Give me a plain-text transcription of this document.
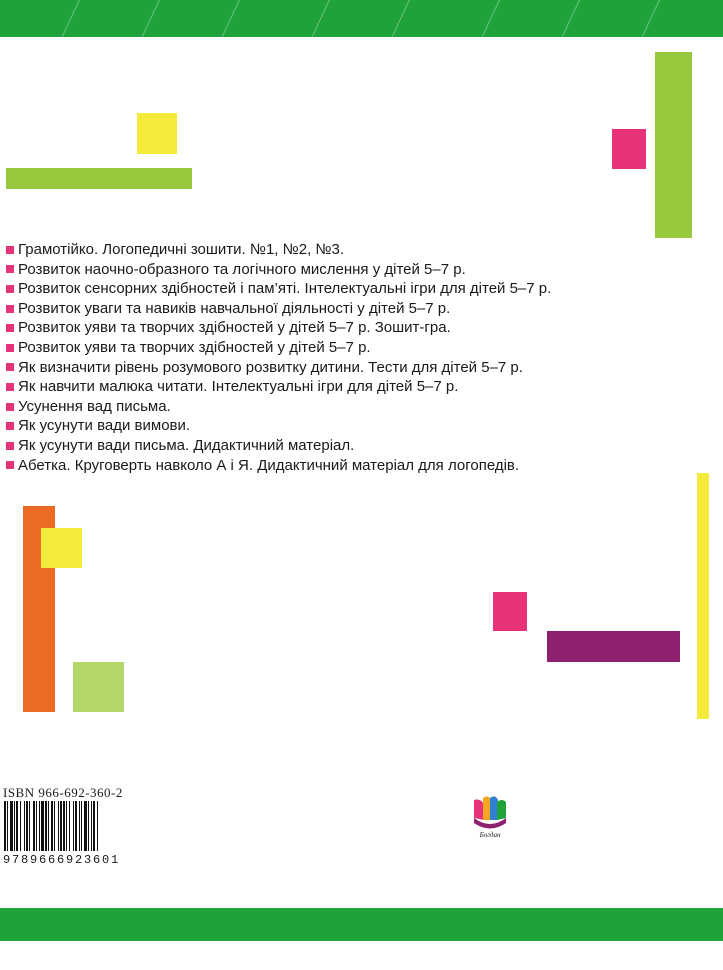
Грамотійко. Логопедичні зошити. №1, №2, №3.
Розвиток наочно-образного та логічного мислення у дітей 5–7 р.
Розвиток сенсорних здібностей і пам’яті. Інтелектуальні ігри для дітей 5–7 р.
Розвиток уваги та навиків навчальної діяльності у дітей 5–7 р.
Розвиток уяви та творчих здібностей у дітей 5–7 р. Зошит-гра.
Розвиток уяви та творчих здібностей у дітей 5–7 р.
Як визначити рівень розумового розвитку дитини. Тести для дітей 5–7 р.
Як навчити малюка читати. Інтелектуальні ігри для дітей 5–7 р.
Усунення вад письма.
Як усунути вади вимови.
Як усунути вади письма. Дидактичний матеріал.
Абетка. Круговерть навколо А і Я. Дидактичний матеріал для логопедів.
ISBN 966-692-360-2
9789666923601
Богдан
